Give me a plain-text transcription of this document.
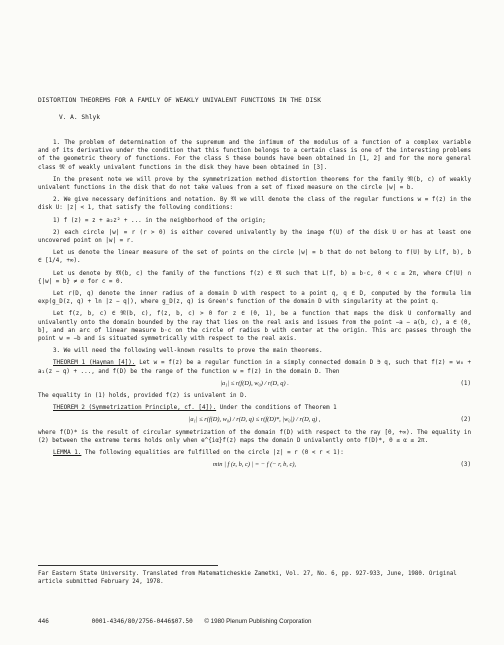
DISTORTION THEOREMS FOR A FAMILY OF WEAKLY UNIVALENT FUNCTIONS IN THE DISK
V. A. Shlyk

1. The problem of determination of the supremum and the infimum of the modulus of a function of a complex variable and of its derivative under the condition that this function belongs to a certain class is one of the interesting problems of the geometric theory of functions. For the class S these bounds have been obtained in [1, 2] and for the more general class 𝔐 of weakly univalent functions in the disk they have been obtained in [3].

In the present note we will prove by the symmetrization method distortion theorems for the family 𝔐(b, c) of weakly univalent functions in the disk that do not take values from a set of fixed measure on the circle |w| = b.

2. We give necessary definitions and notation. By 𝔐 we will denote the class of the regular functions w = f(z) in the disk U: |z| < 1, that satisfy the following conditions:

1) f (z) = z + a₂z² + ... in the neighborhood of the origin;

2) each circle |w| = r (r > 0) is either covered univalently by the image f(U) of the disk U or has at least one uncovered point on |w| = r.

Let us denote the linear measure of the set of points on the circle |w| = b that do not belong to f(U) by L(f, b), b ∈ [1/4, +∞).

Let us denote by 𝔐(b, c) the family of the functions f(z) ∈ 𝔐 such that L(f, b) ≥ b·c, 0 < c ≤ 2π, where Cf(U) ∩ {|w| = b} ≠ ∅ for c = 0.

Let r(D, q) denote the inner radius of a domain D with respect to a point q, q ∈ D, computed by the formula lim exp(g_D(z, q) + ln |z − q|), where g_D(z, q) is Green's function of the domain D with singularity at the point q.

Let f(z, b, c) ∈ 𝔐(b, c), f(z, b, c) > 0 for z ∈ (0, 1), be a function that maps the disk U conformally and univalently onto the domain bounded by the ray that lies on the real axis and issues from the point −a − a(b, c), a ∈ (0, b], and an arc of linear measure b·c on the circle of radius b with center at the origin. This arc passes through the point w = −b and is situated symmetrically with respect to the real axis.

3. We will need the following well-known results to prove the main theorems.

THEOREM 1 (Hayman [4]). Let w = f(z) be a regular function in a simply connected domain D ∋ q, such that f(z) = w₀ + a₁(z − q) + ..., and f(D) be the range of the function w = f(z) in the domain D. Then

|a₁| ≤ r(f(D), w₀) / r(D, q) .	(1)

The equality in (1) holds, provided f(z) is univalent in D.

THEOREM 2 (Symmetrization Principle, cf. [4]). Under the conditions of Theorem 1

|a₁| ≤ r(f(D), w₀) / r(D, q) ≤ r(f(D)*, |w₀|) / r(D, q) ,	(2)

where f(D)* is the result of circular symmetrization of the domain f(D) with respect to the ray [0, +∞). The equality in (2) between the extreme terms holds only when e^{iα}f(z) maps the domain D univalently onto f(D)*, 0 ≤ α ≤ 2π.

LEMMA 1. The following equalities are fulfilled on the circle |z| = r (0 < r < 1):

min | f (z, b, c) | = − f (− r, b, c),	(3)
Far Eastern State University. Translated from Matematicheskie Zametki, Vol. 27, No. 6, pp. 927-933, June, 1980. Original article submitted February 24, 1978.
446	0001-4346/80/2756-0446$07.50 © 1980 Plenum Publishing Corporation
